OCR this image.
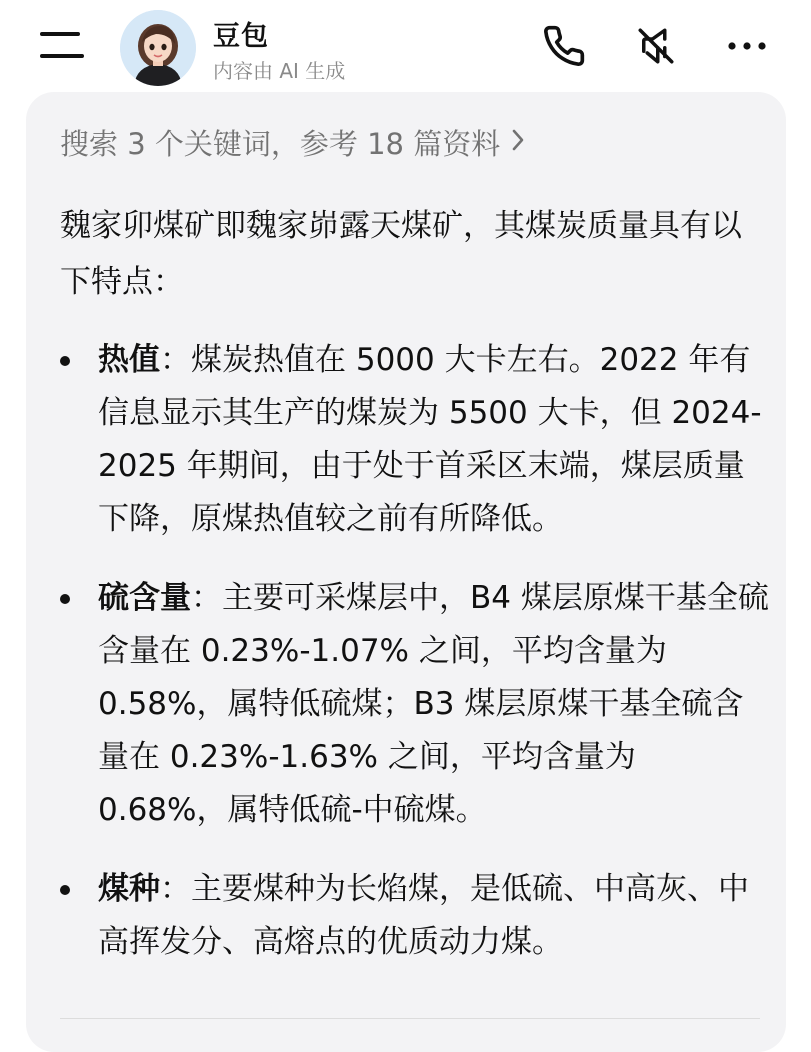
豆包
内容由 AI 生成
搜索 3 个关键词，参考 18 篇资料
魏家卯煤矿即魏家峁露天煤矿，其煤炭质量具有以下特点：
热值：煤炭热值在 5000 大卡左右。2022 年有信息显示其生产的煤炭为 5500 大卡，但 2024-2025 年期间，由于处于首采区末端，煤层质量下降，原煤热值较之前有所降低。
硫含量：主要可采煤层中，B4 煤层原煤干基全硫含量在 0.23%-1.07% 之间，平均含量为 0.58%，属特低硫煤；B3 煤层原煤干基全硫含量在 0.23%-1.63% 之间，平均含量为 0.68%，属特低硫-中硫煤。
煤种：主要煤种为长焰煤，是低硫、中高灰、中高挥发分、高熔点的优质动力煤。
